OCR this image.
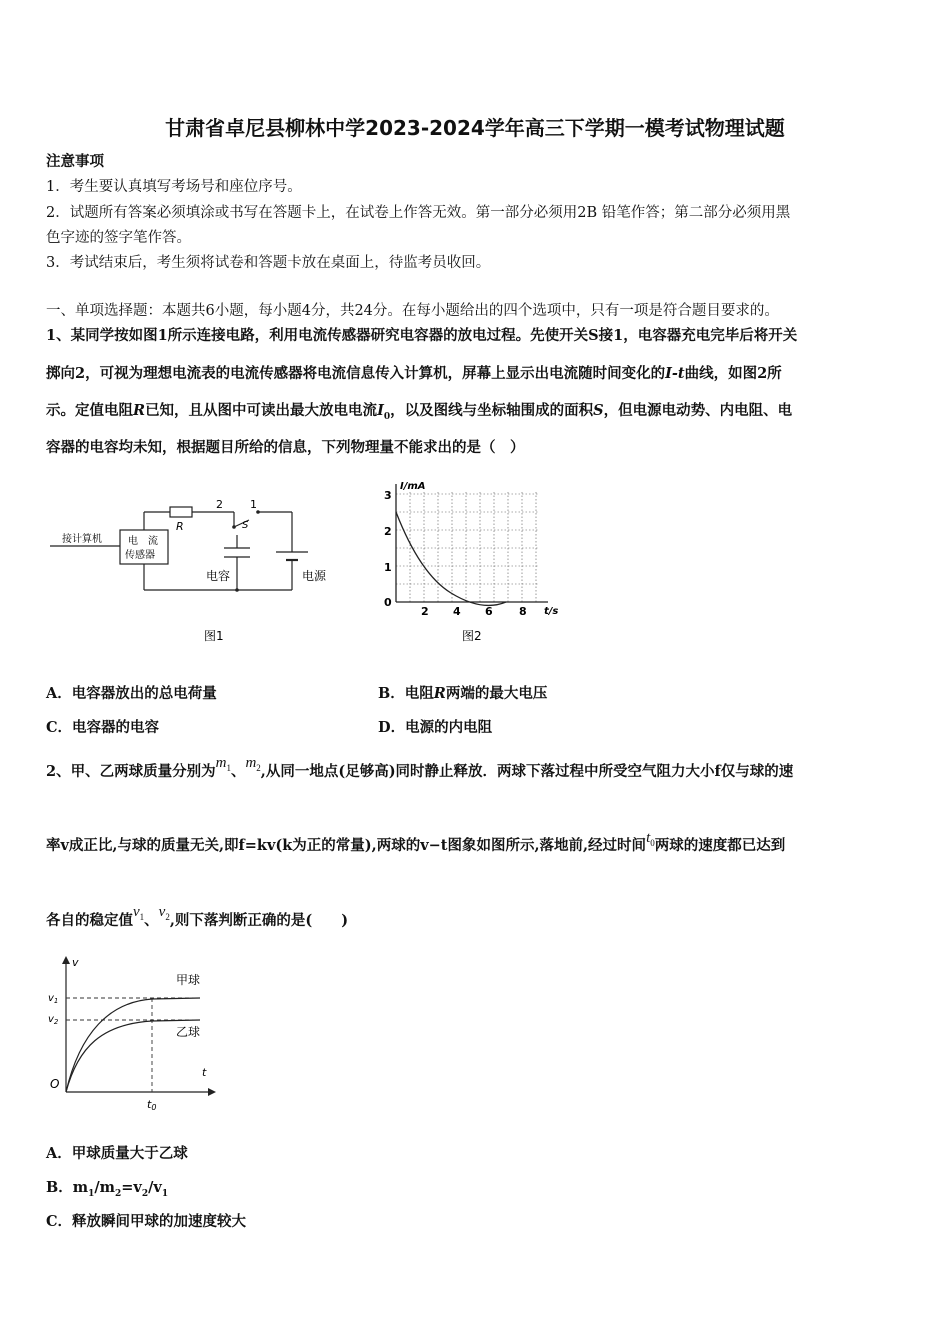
甘肃省卓尼县柳林中学2023-2024学年高三下学期一模考试物理试题
注意事项
1．考生要认真填写考场号和座位序号。
2．试题所有答案必须填涂或书写在答题卡上，在试卷上作答无效。第一部分必须用2B 铅笔作答；第二部分必须用黑
色字迹的签字笔作答。
3．考试结束后，考生须将试卷和答题卡放在桌面上，待监考员收回。
一、单项选择题：本题共6小题，每小题4分，共24分。在每小题给出的四个选项中，只有一项是符合题目要求的。
1、某同学按如图1所示连接电路，利用电流传感器研究电容器的放电过程。先使开关S接1，电容器充电完毕后将开关
掷向2，可视为理想电流表的电流传感器将电流信息传入计算机，屏幕上显示出电流随时间变化的I-t曲线，如图2所
示。定值电阻R已知，且从图中可读出最大放电电流$I_0$，以及图线与坐标轴围成的面积S，但电源电动势、内电阻、电
容器的电容均未知，根据题目所给的信息，下列物理量不能求出的是（　）
接计算机	电　流
传感器
R
2 1
S
电容	电源
图1
I/mA
t/s
0
1
2
3
2 4 6 8
图2
A．电容器放出的总电荷量	B．电阻R两端的最大电压
C．电容器的电容	D．电源的内电阻
2、甲、乙两球质量分别为$m_1$、$m_2$,从同一地点(足够高)同时静止释放．两球下落过程中所受空气阻力大小f仅与球的速
率v成正比,与球的质量无关,即f=kv(k为正的常量),两球的v−t图象如图所示,落地前,经过时间$t_0$两球的速度都已达到
各自的稳定值$v_1$、$v_2$,则下落判断正确的是(　　)
v
t
O
$v_1$
$v_2$
t0
甲球
乙球
A．甲球质量大于乙球
B．$m_1/m_2=v_2/v_1$
C．释放瞬间甲球的加速度较大
